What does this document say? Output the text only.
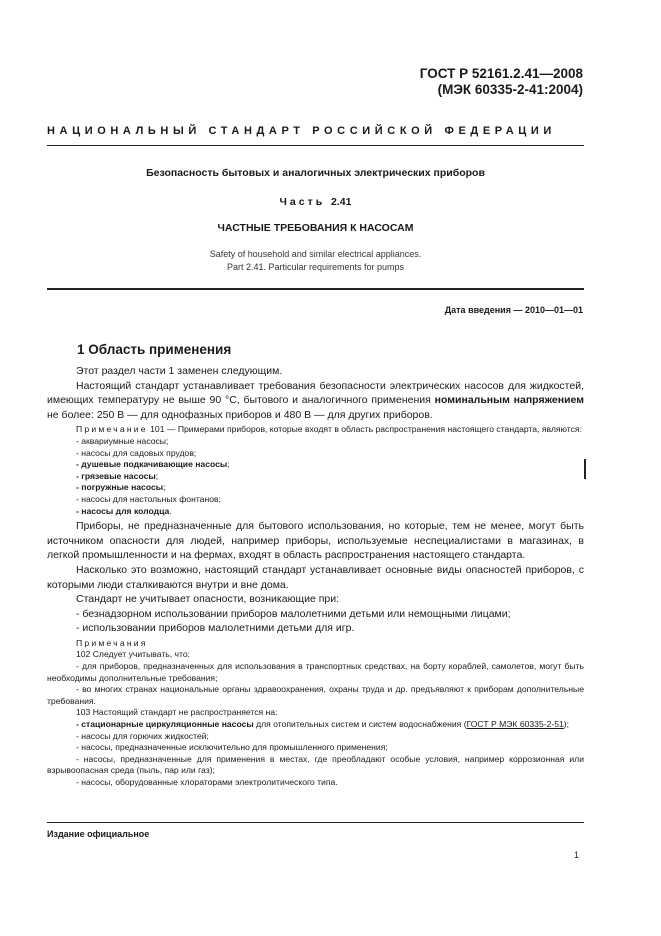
ГОСТ Р 52161.2.41—2008
(МЭК 60335-2-41:2004)
НАЦИОНАЛЬНЫЙ СТАНДАРТ РОССИЙСКОЙ ФЕДЕРАЦИИ
Безопасность бытовых и аналогичных электрических приборов
Часть 2.41
ЧАСТНЫЕ ТРЕБОВАНИЯ К НАСОСАМ
Safety of household and similar electrical appliances.
Part 2.41. Particular requirements for pumps
Дата введения — 2010—01—01
1 Область применения

Этот раздел части 1 заменен следующим.

Настоящий стандарт устанавливает требования безопасности электрических насосов для жидкостей, имеющих температуру не выше 90 °С, бытового и аналогичного применения номинальным напряжением не более: 250 В — для однофазных приборов и 480 В — для других приборов.

Примечание 101 — Примерами приборов, которые входят в область распространения настоящего стандарта, являются:

- аквариумные насосы;

- насосы для садовых прудов;

- душевые подкачивающие насосы;

- грязевые насосы;

- погружные насосы;

- насосы для настольных фонтанов;

- насосы для колодца.

Приборы, не предназначенные для бытового использования, но которые, тем не менее, могут быть источником опасности для людей, например приборы, используемые неспециалистами в магазинах, в легкой промышленности и на фермах, входят в область распространения настоящего стандарта.

Насколько это возможно, настоящий стандарт устанавливает основные виды опасностей приборов, с которыми люди сталкиваются внутри и вне дома.

Стандарт не учитывает опасности, возникающие при:

- безнадзорном использовании приборов малолетними детьми или немощными лицами;

- использовании приборов малолетними детьми для игр.

Примечания

102 Следует учитывать, что:

- для приборов, предназначенных для использования в транспортных средствах, на борту кораблей, самолетов, могут быть необходимы дополнительные требования;

- во многих странах национальные органы здравоохранения, охраны труда и др. предъявляют к приборам дополнительные требования.

103 Настоящий стандарт не распространяется на:

- стационарные циркуляционные насосы для отопительных систем и систем водоснабжения (ГОСТ Р МЭК 60335-2-51);

- насосы для горючих жидкостей;

- насосы, предназначенные исключительно для промышленного применения;

- насосы, предназначенные для применения в местах, где преобладают особые условия, например коррозионная или взрывоопасная среда (пыль, пар или газ);

- насосы, оборудованные хлораторами электролитического типа.

Издание официальное
1
